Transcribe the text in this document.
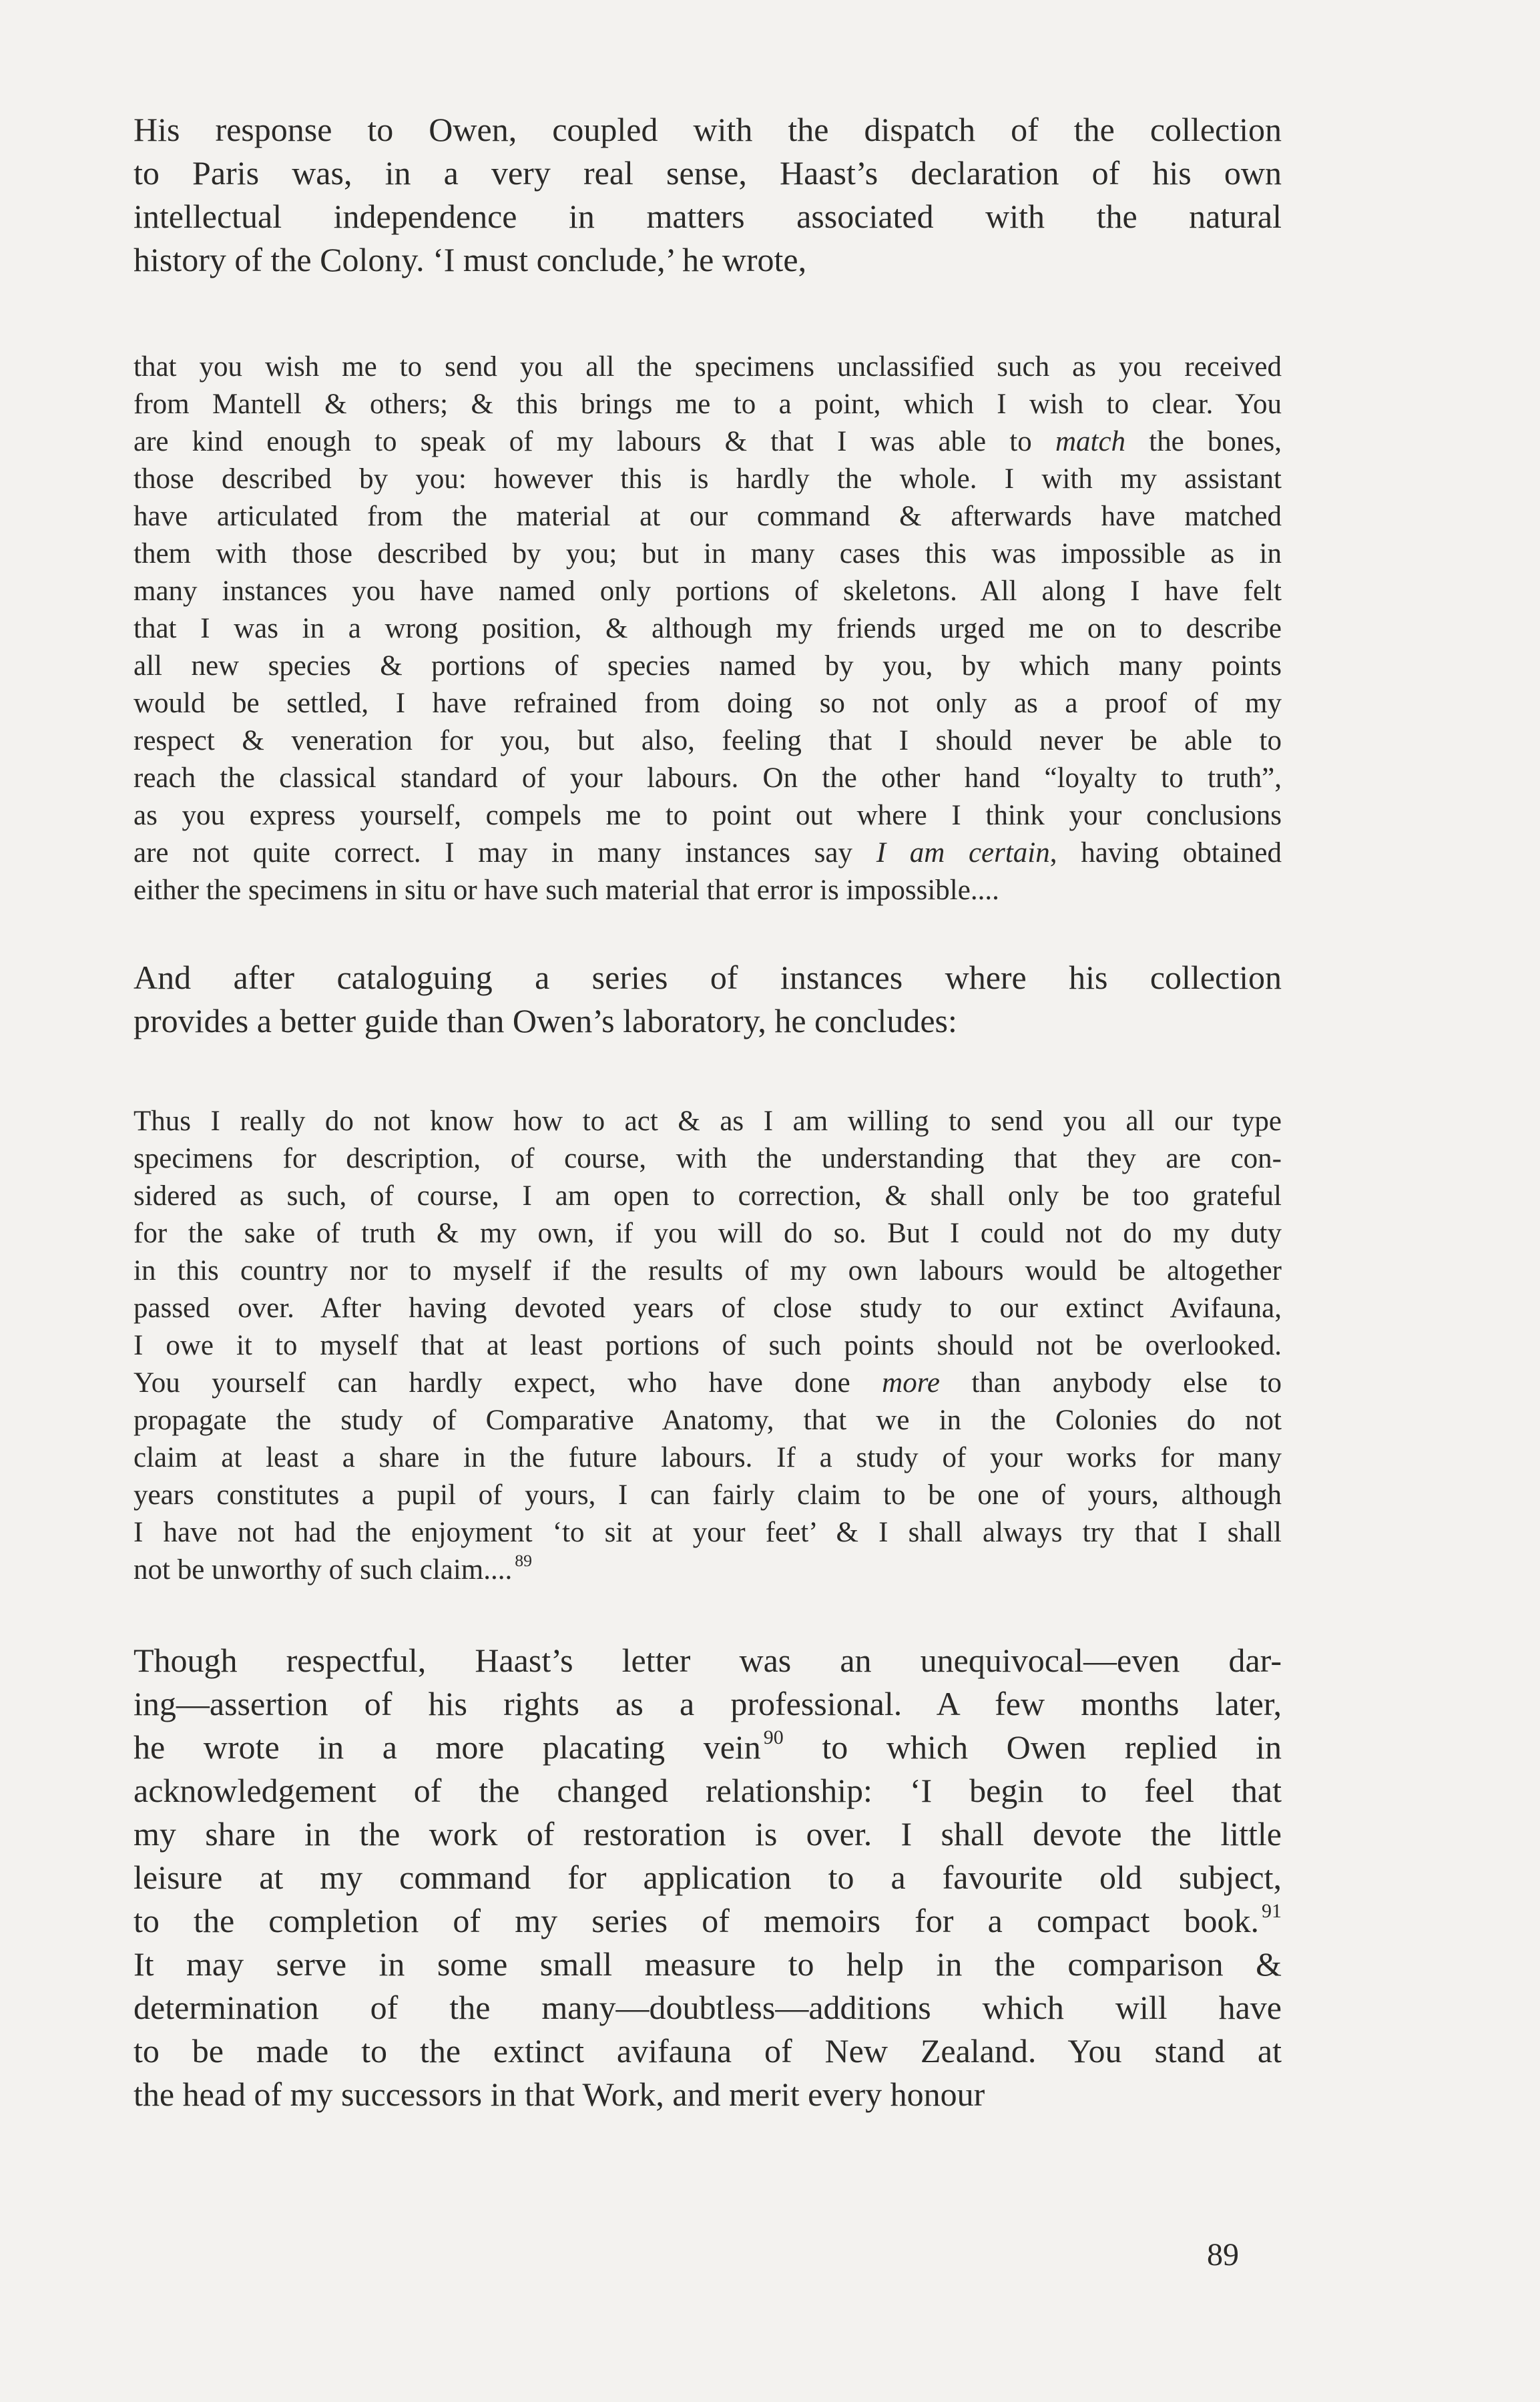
His response to Owen, coupled with the dispatch of the collection
to Paris was, in a very real sense, Haast’s declaration of his own
intellectual independence in matters associated with the natural
history of the Colony. ‘I must conclude,’ he wrote,
that you wish me to send you all the specimens unclassified such as you received
from Mantell & others; & this brings me to a point, which I wish to clear. You
are kind enough to speak of my labours & that I was able to match the bones,
those described by you: however this is hardly the whole. I with my assistant
have articulated from the material at our command & afterwards have matched
them with those described by you; but in many cases this was impossible as in
many instances you have named only portions of skeletons. All along I have felt
that I was in a wrong position, & although my friends urged me on to describe
all new species & portions of species named by you, by which many points
would be settled, I have refrained from doing so not only as a proof of my
respect & veneration for you, but also, feeling that I should never be able to
reach the classical standard of your labours. On the other hand “loyalty to truth”,
as you express yourself, compels me to point out where I think your conclusions
are not quite correct. I may in many instances say I am certain, having obtained
either the specimens in situ or have such material that error is impossible....
And after cataloguing a series of instances where his collection
provides a better guide than Owen’s laboratory, he concludes:
Thus I really do not know how to act & as I am willing to send you all our type
specimens for description, of course, with the understanding that they are con-
sidered as such, of course, I am open to correction, & shall only be too grateful
for the sake of truth & my own, if you will do so. But I could not do my duty
in this country nor to myself if the results of my own labours would be altogether
passed over. After having devoted years of close study to our extinct Avifauna,
I owe it to myself that at least portions of such points should not be overlooked.
You yourself can hardly expect, who have done more than anybody else to
propagate the study of Comparative Anatomy, that we in the Colonies do not
claim at least a share in the future labours. If a study of your works for many
years constitutes a pupil of yours, I can fairly claim to be one of yours, although
I have not had the enjoyment ‘to sit at your feet’ & I shall always try that I shall
not be unworthy of such claim.... $^{89}$
Though respectful, Haast’s letter was an unequivocal—even dar-
ing—assertion of his rights as a professional. A few months later,
he wrote in a more placating vein $^{90}$ to which Owen replied in
acknowledgement of the changed relationship: ‘I begin to feel that
my share in the work of restoration is over. I shall devote the little
leisure at my command for application to a favourite old subject,
to the completion of my series of memoirs for a compact book. $^{91}$
It may serve in some small measure to help in the comparison &
determination of the many—doubtless—additions which will have
to be made to the extinct avifauna of New Zealand. You stand at
the head of my successors in that Work, and merit every honour
89
